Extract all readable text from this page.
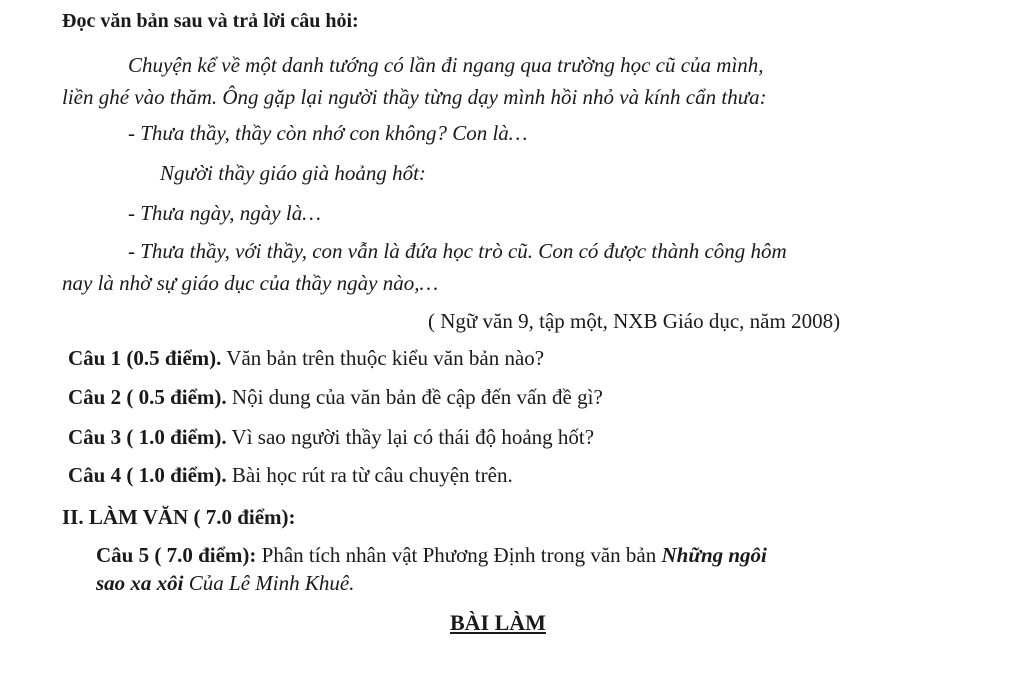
Đọc văn bản sau và trả lời câu hỏi:
Chuyện kể về một danh tướng có lần đi ngang qua trường học cũ của mình,
liền ghé vào thăm. Ông gặp lại người thầy từng dạy mình hồi nhỏ và kính cẩn thưa:
- Thưa thầy, thầy còn nhớ con không? Con là…
Người thầy giáo già hoảng hốt:
- Thưa ngày, ngày là…
- Thưa thầy, với thầy, con vẫn là đứa học trò cũ. Con có được thành công hôm
nay là nhờ sự giáo dục của thầy ngày nào,…
( Ngữ văn 9, tập một, NXB Giáo dục, năm 2008)
Câu 1 (0.5 điểm). Văn bản trên thuộc kiểu văn bản nào?
Câu 2 ( 0.5 điểm). Nội dung của văn bản đề cập đến vấn đề gì?
Câu 3 ( 1.0 điểm). Vì sao người thầy lại có thái độ hoảng hốt?
Câu 4 ( 1.0 điểm). Bài học rút ra từ câu chuyện trên.
II. LÀM VĂN ( 7.0 điểm):
Câu 5 ( 7.0 điểm): Phân tích nhân vật Phương Định trong văn bản Những ngôi
sao xa xôi Của Lê Minh Khuê.
BÀI LÀM
